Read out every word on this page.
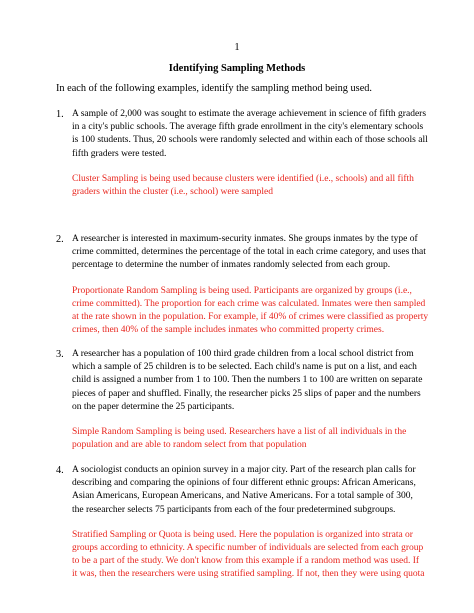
1
Identifying Sampling Methods
In each of the following examples, identify the sampling method being used.
1. A sample of 2,000 was sought to estimate the average achievement in science of fifth graders
in a city's public schools. The average fifth grade enrollment in the city's elementary schools
is 100 students. Thus, 20 schools were randomly selected and within each of those schools all
fifth graders were tested.
Cluster Sampling is being used because clusters were identified (i.e., schools) and all fifth
graders within the cluster (i.e., school) were sampled
2. A researcher is interested in maximum-security inmates. She groups inmates by the type of
crime committed, determines the percentage of the total in each crime category, and uses that
percentage to determine the number of inmates randomly selected from each group.
Proportionate Random Sampling is being used. Participants are organized by groups (i.e.,
crime committed). The proportion for each crime was calculated. Inmates were then sampled
at the rate shown in the population. For example, if 40% of crimes were classified as property
crimes, then 40% of the sample includes inmates who committed property crimes.
3. A researcher has a population of 100 third grade children from a local school district from
which a sample of 25 children is to be selected. Each child's name is put on a list, and each
child is assigned a number from 1 to 100. Then the numbers 1 to 100 are written on separate
pieces of paper and shuffled. Finally, the researcher picks 25 slips of paper and the numbers
on the paper determine the 25 participants.
Simple Random Sampling is being used. Researchers have a list of all individuals in the
population and are able to random select from that population
4. A sociologist conducts an opinion survey in a major city. Part of the research plan calls for
describing and comparing the opinions of four different ethnic groups: African Americans,
Asian Americans, European Americans, and Native Americans. For a total sample of 300,
the researcher selects 75 participants from each of the four predetermined subgroups.
Stratified Sampling or Quota is being used. Here the population is organized into strata or
groups according to ethnicity. A specific number of individuals are selected from each group
to be a part of the study. We don't know from this example if a random method was used. If
it was, then the researchers were using stratified sampling. If not, then they were using quota
